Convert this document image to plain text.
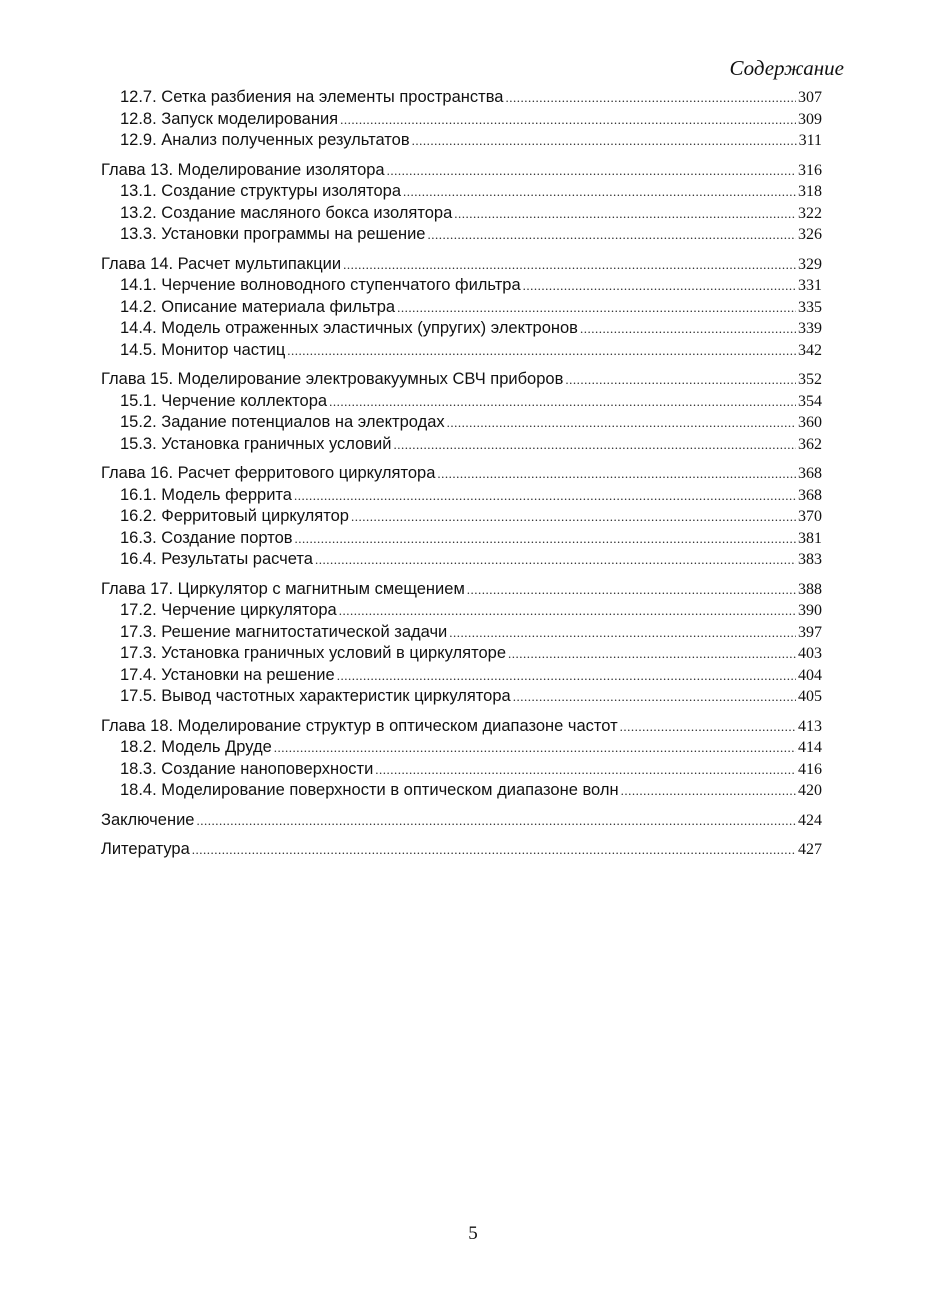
Содержание
12.7. Сетка разбиения на элементы пространства .....	307
12.8. Запуск моделирования .....	309
12.9. Анализ полученных результатов .....	311
Глава 13. Моделирование изолятора .....	316
13.1. Создание структуры изолятора .....	318
13.2. Создание масляного бокса изолятора .....	322
13.3. Установки программы на решение .....	326
Глава 14. Расчет мультипакции .....	329
14.1. Черчение волноводного ступенчатого фильтра .....	331
14.2. Описание материала фильтра .....	335
14.4. Модель отраженных эластичных (упругих) электронов .....	339
14.5. Монитор частиц .....	342
Глава 15. Моделирование электровакуумных СВЧ приборов .....	352
15.1. Черчение коллектора .....	354
15.2. Задание потенциалов на электродах .....	360
15.3. Установка граничных условий .....	362
Глава 16. Расчет ферритового циркулятора .....	368
16.1. Модель феррита .....	368
16.2. Ферритовый циркулятор .....	370
16.3. Создание портов .....	381
16.4. Результаты расчета .....	383
Глава 17. Циркулятор с магнитным смещением .....	388
17.2. Черчение циркулятора .....	390
17.3. Решение магнитостатической задачи .....	397
17.3. Установка граничных условий в циркуляторе .....	403
17.4. Установки на решение .....	404
17.5. Вывод частотных характеристик циркулятора .....	405
Глава 18. Моделирование структур в оптическом диапазоне частот .....	413
18.2. Модель Друде .....	414
18.3. Создание наноповерхности .....	416
18.4. Моделирование поверхности в оптическом диапазоне волн .....	420
Заключение .....	424
Литература .....	427
5
